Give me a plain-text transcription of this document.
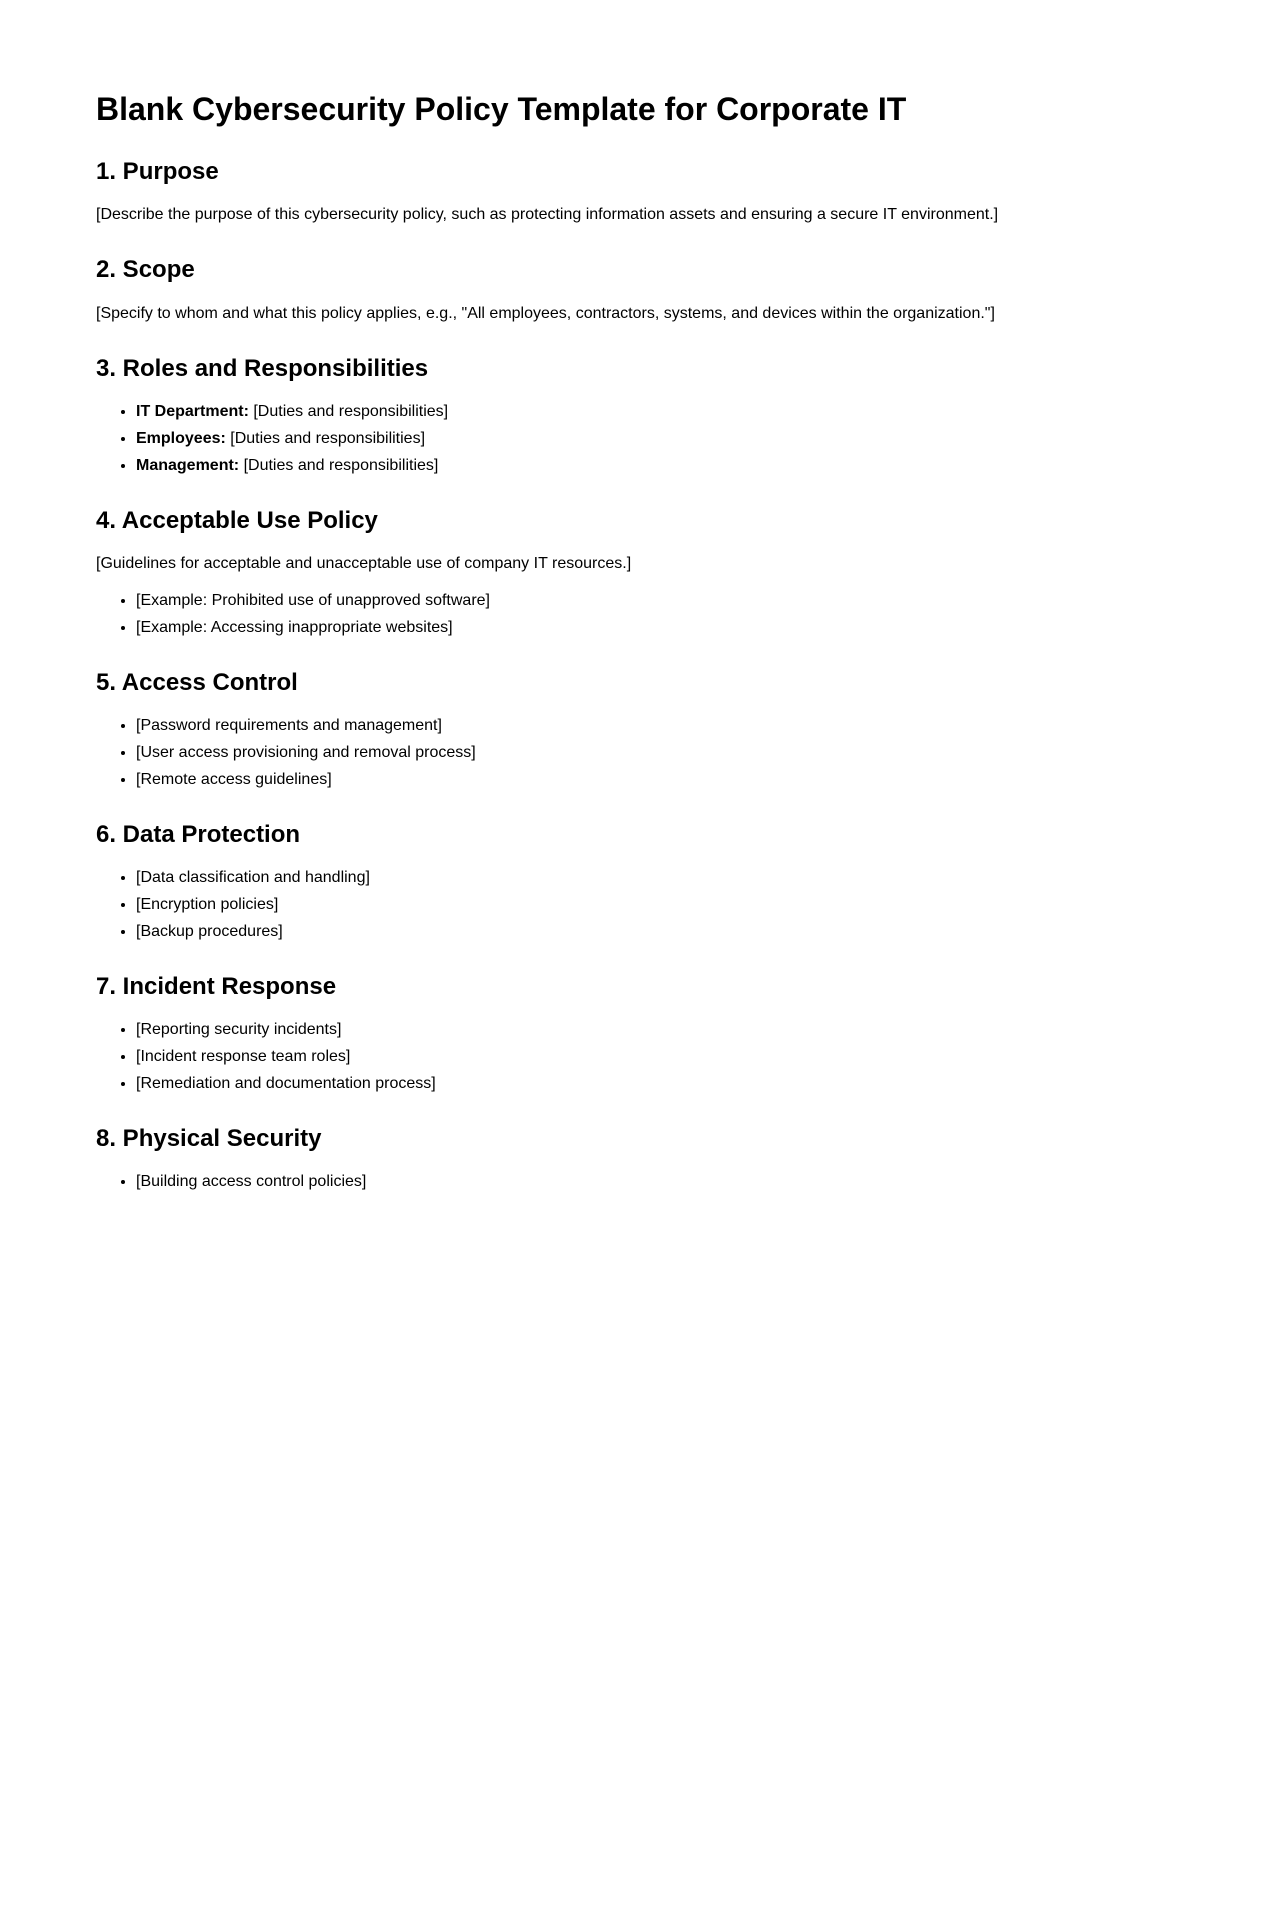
Blank Cybersecurity Policy Template for Corporate IT
1. Purpose

[Describe the purpose of this cybersecurity policy, such as protecting information assets and ensuring a secure IT environment.]

2. Scope

[Specify to whom and what this policy applies, e.g., "All employees, contractors, systems, and devices within the organization."]

3. Roles and Responsibilities
• IT Department: [Duties and responsibilities]
• Employees: [Duties and responsibilities]
• Management: [Duties and responsibilities]
4. Acceptable Use Policy

[Guidelines for acceptable and unacceptable use of company IT resources.]

• [Example: Prohibited use of unapproved software]
• [Example: Accessing inappropriate websites]
5. Access Control
• [Password requirements and management]
• [User access provisioning and removal process]
• [Remote access guidelines]
6. Data Protection
• [Data classification and handling]
• [Encryption policies]
• [Backup procedures]
7. Incident Response
• [Reporting security incidents]
• [Incident response team roles]
• [Remediation and documentation process]
8. Physical Security
• [Building access control policies]
